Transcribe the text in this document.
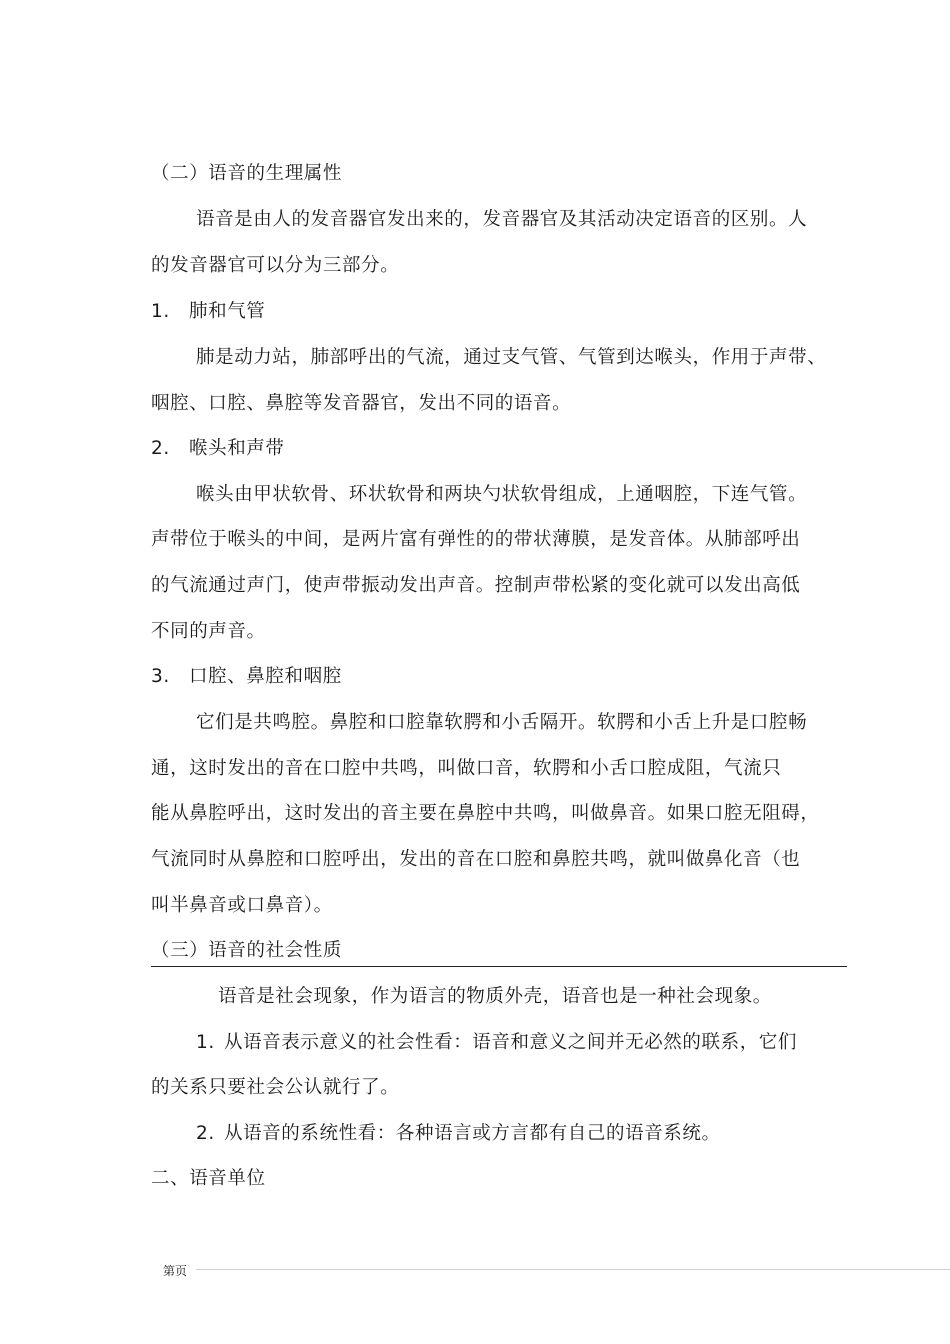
（二）语音的生理属性
语音是由人的发音器官发出来的，发音器官及其活动决定语音的区别。人
的发音器官可以分为三部分。
1. 肺和气管
肺是动力站，肺部呼出的气流，通过支气管、气管到达喉头，作用于声带、
咽腔、口腔、鼻腔等发音器官，发出不同的语音。
2. 喉头和声带
喉头由甲状软骨、环状软骨和两块勺状软骨组成，上通咽腔，下连气管。
声带位于喉头的中间，是两片富有弹性的的带状薄膜，是发音体。从肺部呼出
的气流通过声门，使声带振动发出声音。控制声带松紧的变化就可以发出高低
不同的声音。
3. 口腔、鼻腔和咽腔
它们是共鸣腔。鼻腔和口腔靠软腭和小舌隔开。软腭和小舌上升是口腔畅
通，这时发出的音在口腔中共鸣，叫做口音，软腭和小舌口腔成阻，气流只
能从鼻腔呼出，这时发出的音主要在鼻腔中共鸣，叫做鼻音。如果口腔无阻碍，
气流同时从鼻腔和口腔呼出，发出的音在口腔和鼻腔共鸣，就叫做鼻化音（也
叫半鼻音或口鼻音）。
（三）语音的社会性质
语音是社会现象，作为语言的物质外壳，语音也是一种社会现象。
1. 从语音表示意义的社会性看：语音和意义之间并无必然的联系，它们
的关系只要社会公认就行了。
2. 从语音的系统性看：各种语言或方言都有自己的语音系统。
二、语音单位
第页
